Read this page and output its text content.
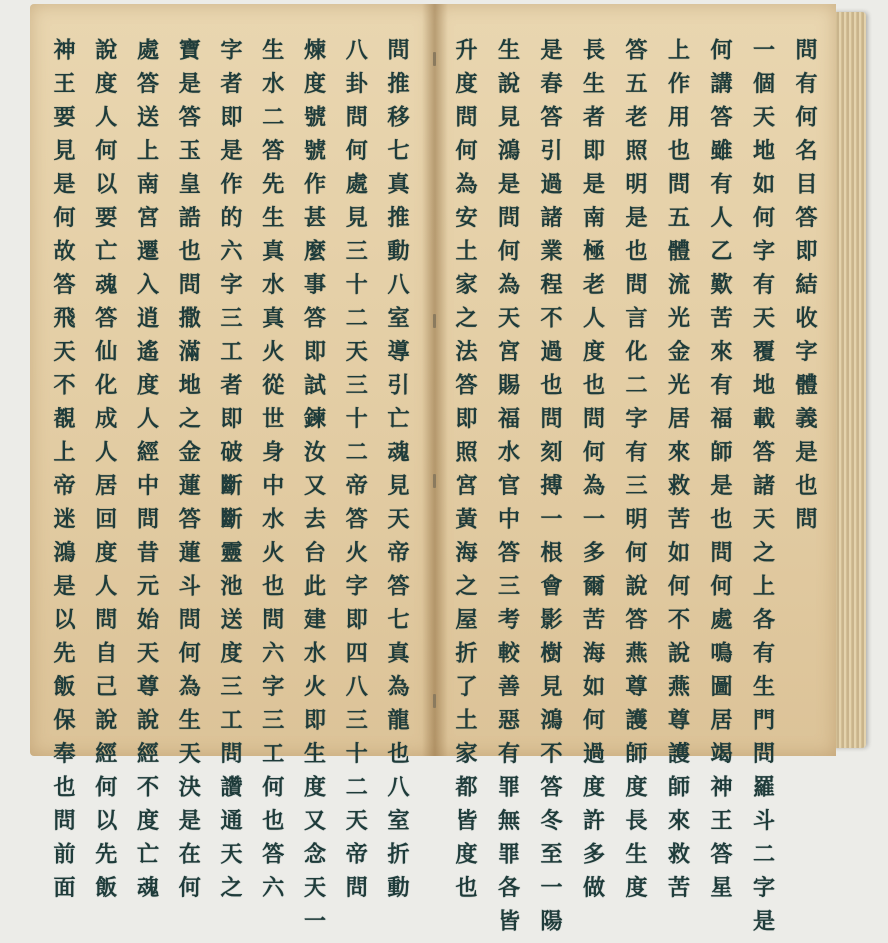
問推移七真推動八室導引亡魂見天帝答七真為龍也八室折動
八卦問何處見三十二天三十二帝答火字即四八三十二天帝問
煉度號號作甚麼事答即試鍊汝又去台此建水火即生度又念天一
生水二答先生真水真火從世身中水火也問六字三工何也答六
字者即是作的六字三工者即破斷斷靈池送度三工問讚通天之
寶是答玉皇誥也問撒滿地之金蓮答蓮斗問何為生天決是在何
處答送上南宮遷入逍遙度人經中問昔元始天尊說經不度亡魂
說度人何以要亡魂答仙化成人居回度人問自己說經何以先飯
神王要見是何故答飛天不覩上帝迷鴻是以先飯保奉也問前面	問有何名目答即結收字體義是也問
一個天地如何字有天覆地載答諸天之上各有生門問羅斗二字是
何講答雖有人乙歎苦來有福師是也問何處鳴圖居竭神王答星
上作用也問五體流光金光居來救苦如何不說燕尊護師來救苦
答五老照明是也問言化二字有三明何說答燕尊護師度長生度
長生者即是南極老人度也問何為一多爾苦海如何過度許多做
是春答引過諸業程不過也問刻搏一根會影樹見鴻不答冬至一陽
生說見鴻是問何為天宮賜福水官中答三考較善惡有罪無罪各皆
升度問何為安土家之法答即照宮黃海之屋折了土家都皆度也
